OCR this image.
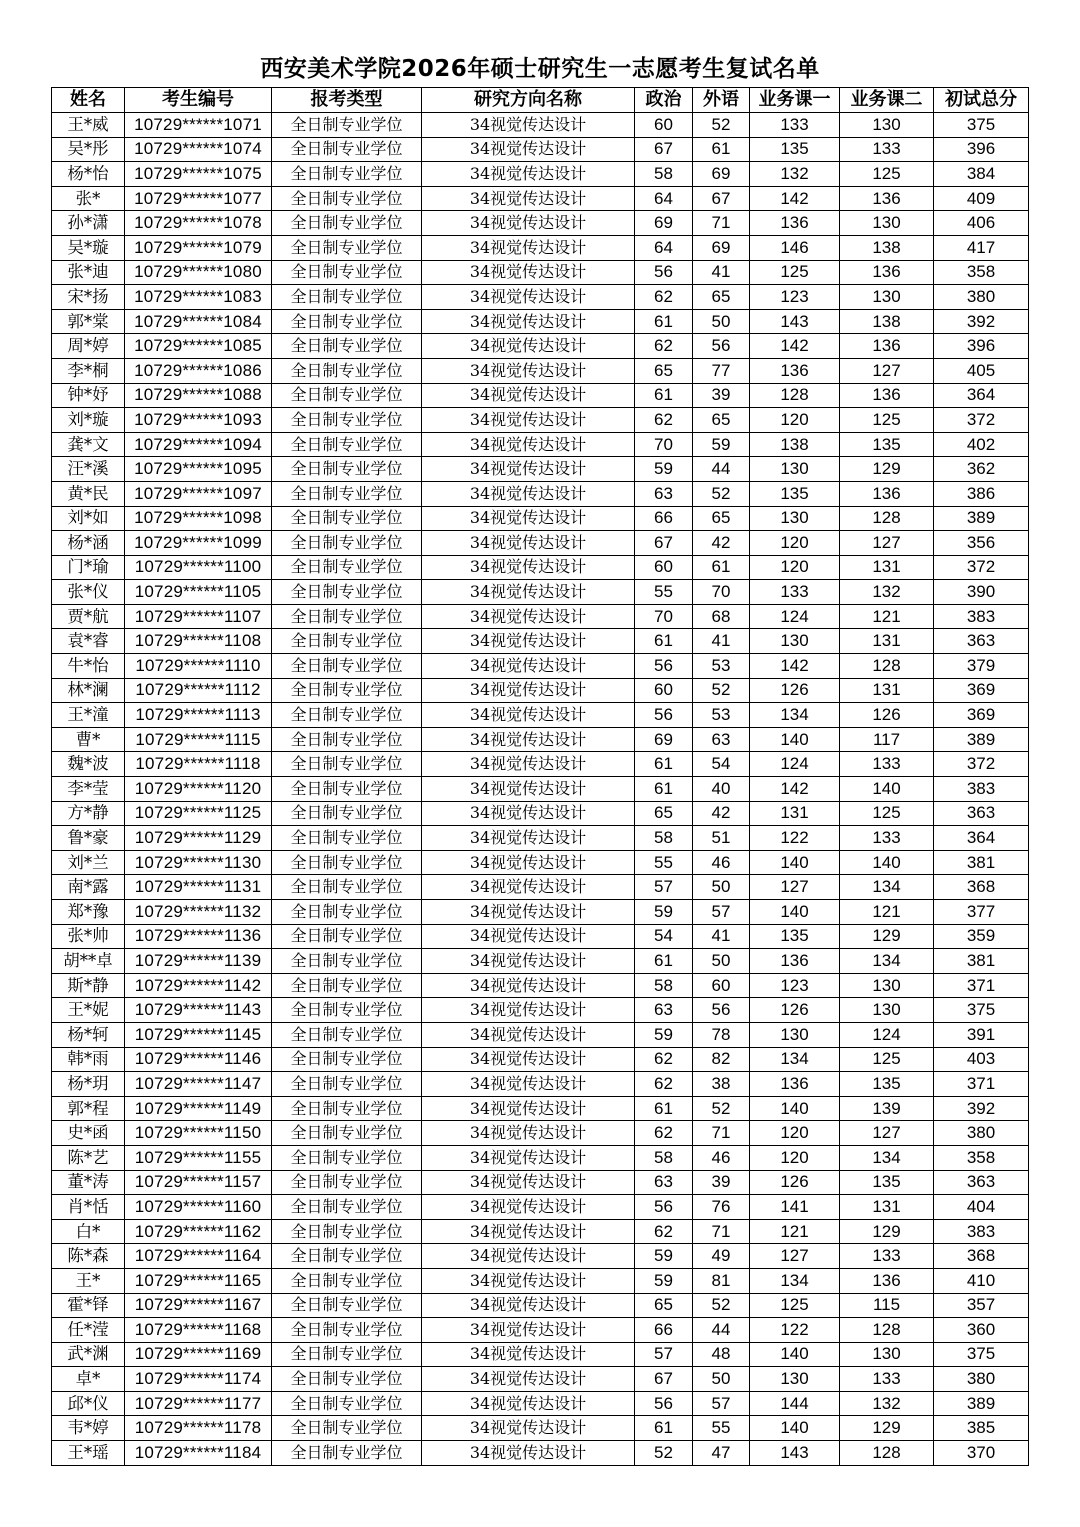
西安美术学院2026年硕士研究生一志愿考生复试名单
姓名	考生编号	报考类型	研究方向名称	政治	外语	业务课一	业务课二	初试总分
王*威	10729******1071	全日制专业学位	34视觉传达设计	60	52	133	130	375
吴*彤	10729******1074	全日制专业学位	34视觉传达设计	67	61	135	133	396
杨*怡	10729******1075	全日制专业学位	34视觉传达设计	58	69	132	125	384
张*	10729******1077	全日制专业学位	34视觉传达设计	64	67	142	136	409
孙*潇	10729******1078	全日制专业学位	34视觉传达设计	69	71	136	130	406
吴*璇	10729******1079	全日制专业学位	34视觉传达设计	64	69	146	138	417
张*迪	10729******1080	全日制专业学位	34视觉传达设计	56	41	125	136	358
宋*扬	10729******1083	全日制专业学位	34视觉传达设计	62	65	123	130	380
郭*棠	10729******1084	全日制专业学位	34视觉传达设计	61	50	143	138	392
周*婷	10729******1085	全日制专业学位	34视觉传达设计	62	56	142	136	396
李*桐	10729******1086	全日制专业学位	34视觉传达设计	65	77	136	127	405
钟*妤	10729******1088	全日制专业学位	34视觉传达设计	61	39	128	136	364
刘*璇	10729******1093	全日制专业学位	34视觉传达设计	62	65	120	125	372
龚*文	10729******1094	全日制专业学位	34视觉传达设计	70	59	138	135	402
汪*溪	10729******1095	全日制专业学位	34视觉传达设计	59	44	130	129	362
黄*民	10729******1097	全日制专业学位	34视觉传达设计	63	52	135	136	386
刘*如	10729******1098	全日制专业学位	34视觉传达设计	66	65	130	128	389
杨*涵	10729******1099	全日制专业学位	34视觉传达设计	67	42	120	127	356
门*瑜	10729******1100	全日制专业学位	34视觉传达设计	60	61	120	131	372
张*仪	10729******1105	全日制专业学位	34视觉传达设计	55	70	133	132	390
贾*航	10729******1107	全日制专业学位	34视觉传达设计	70	68	124	121	383
袁*睿	10729******1108	全日制专业学位	34视觉传达设计	61	41	130	131	363
牛*怡	10729******1110	全日制专业学位	34视觉传达设计	56	53	142	128	379
林*澜	10729******1112	全日制专业学位	34视觉传达设计	60	52	126	131	369
王*潼	10729******1113	全日制专业学位	34视觉传达设计	56	53	134	126	369
曹*	10729******1115	全日制专业学位	34视觉传达设计	69	63	140	117	389
魏*波	10729******1118	全日制专业学位	34视觉传达设计	61	54	124	133	372
李*莹	10729******1120	全日制专业学位	34视觉传达设计	61	40	142	140	383
方*静	10729******1125	全日制专业学位	34视觉传达设计	65	42	131	125	363
鲁*豪	10729******1129	全日制专业学位	34视觉传达设计	58	51	122	133	364
刘*兰	10729******1130	全日制专业学位	34视觉传达设计	55	46	140	140	381
南*露	10729******1131	全日制专业学位	34视觉传达设计	57	50	127	134	368
郑*豫	10729******1132	全日制专业学位	34视觉传达设计	59	57	140	121	377
张*帅	10729******1136	全日制专业学位	34视觉传达设计	54	41	135	129	359
胡**卓	10729******1139	全日制专业学位	34视觉传达设计	61	50	136	134	381
斯*静	10729******1142	全日制专业学位	34视觉传达设计	58	60	123	130	371
王*妮	10729******1143	全日制专业学位	34视觉传达设计	63	56	126	130	375
杨*轲	10729******1145	全日制专业学位	34视觉传达设计	59	78	130	124	391
韩*雨	10729******1146	全日制专业学位	34视觉传达设计	62	82	134	125	403
杨*玥	10729******1147	全日制专业学位	34视觉传达设计	62	38	136	135	371
郭*程	10729******1149	全日制专业学位	34视觉传达设计	61	52	140	139	392
史*函	10729******1150	全日制专业学位	34视觉传达设计	62	71	120	127	380
陈*艺	10729******1155	全日制专业学位	34视觉传达设计	58	46	120	134	358
董*涛	10729******1157	全日制专业学位	34视觉传达设计	63	39	126	135	363
肖*恬	10729******1160	全日制专业学位	34视觉传达设计	56	76	141	131	404
白*	10729******1162	全日制专业学位	34视觉传达设计	62	71	121	129	383
陈*森	10729******1164	全日制专业学位	34视觉传达设计	59	49	127	133	368
王*	10729******1165	全日制专业学位	34视觉传达设计	59	81	134	136	410
霍*铎	10729******1167	全日制专业学位	34视觉传达设计	65	52	125	115	357
任*滢	10729******1168	全日制专业学位	34视觉传达设计	66	44	122	128	360
武*渊	10729******1169	全日制专业学位	34视觉传达设计	57	48	140	130	375
卓*	10729******1174	全日制专业学位	34视觉传达设计	67	50	130	133	380
邱*仪	10729******1177	全日制专业学位	34视觉传达设计	56	57	144	132	389
韦*婷	10729******1178	全日制专业学位	34视觉传达设计	61	55	140	129	385
王*瑶	10729******1184	全日制专业学位	34视觉传达设计	52	47	143	128	370
